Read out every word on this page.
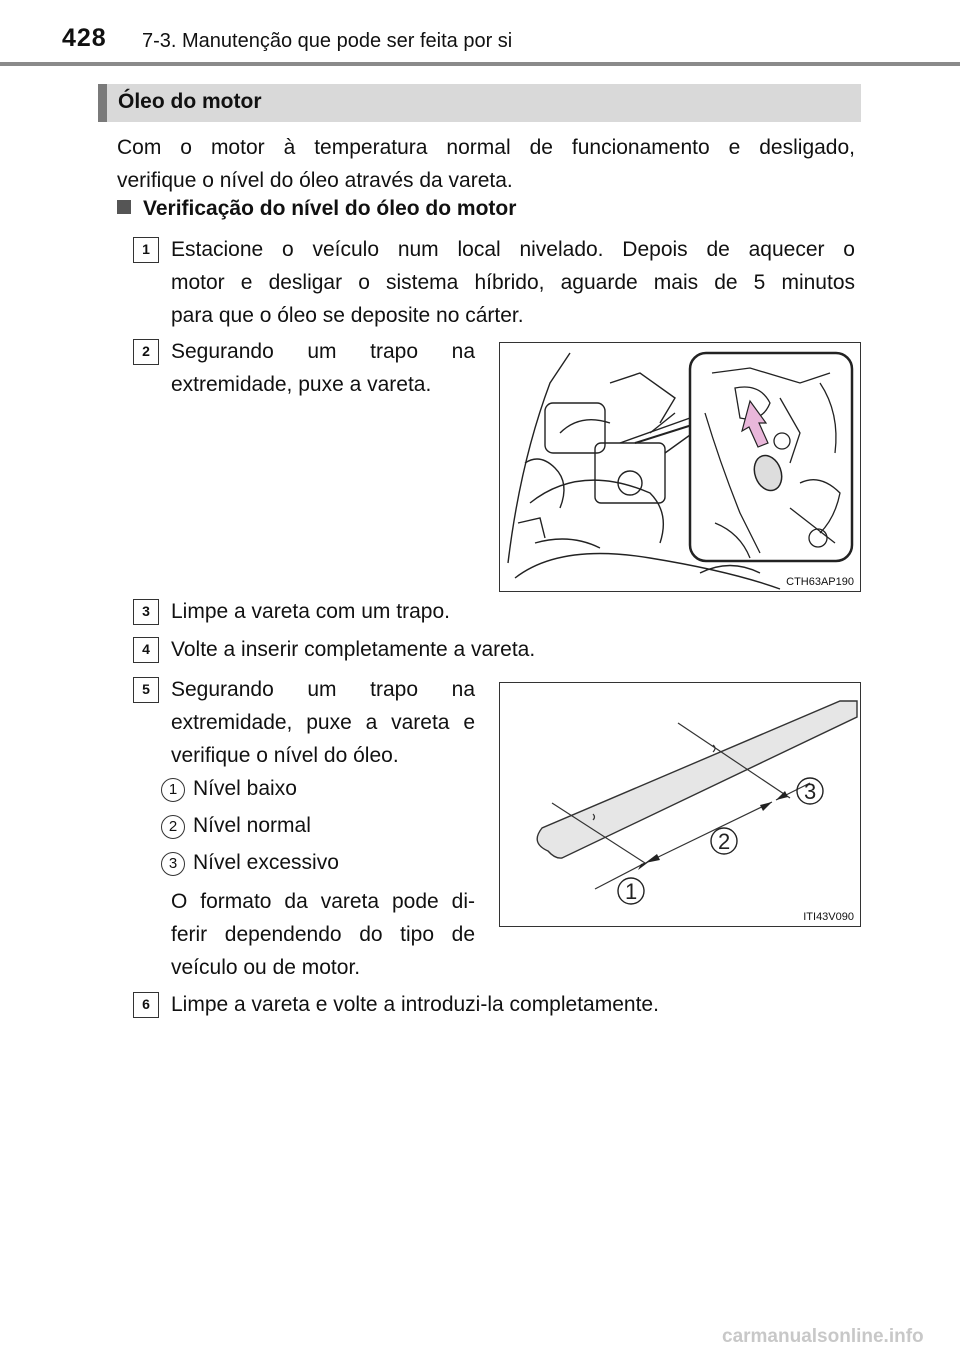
428 7-3. Manutenção que pode ser feita por si
Óleo do motor
Com o motor à temperatura normal de funcionamento e desligado,
verifique o nível do óleo através da vareta.
Verificação do nível do óleo do motor
1	Estacione o veículo num local nivelado. Depois de aquecer o
motor e desligar o sistema híbrido, aguarde mais de 5 minutos
para que o óleo se deposite no cárter.
2	Segurando um trapo na
extremidade, puxe a vareta.
CTH63AP190
3	Limpe a vareta com um trapo.
4	Volte a inserir completamente a vareta.
5	Segurando um trapo na
extremidade, puxe a vareta e
verifique o nível do óleo.
1 Nível baixo
2 Nível normal
3 Nível excessivo
O formato da vareta pode di-
ferir dependendo do tipo de
veículo ou de motor.
1
2
3
ITI43V090
6	Limpe a vareta e volte a introduzi-la completamente.
carmanualsonline.info
